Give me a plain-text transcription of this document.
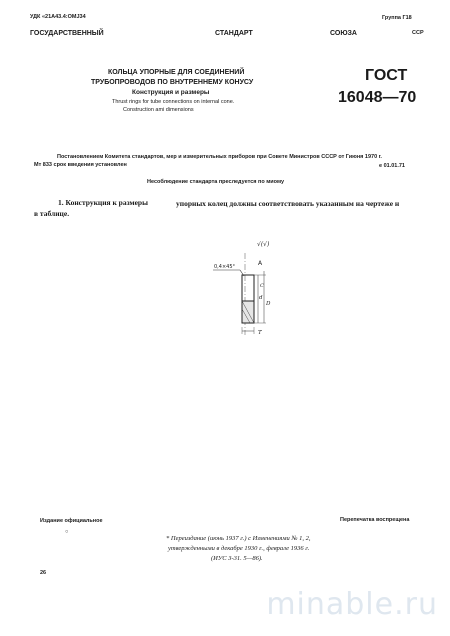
УДК «21А43.4:ОМЈ34	Группа Г18
ГОСУДАРСТВЕННЫЙ	СТАНДАРТ	СОЮЗА	ССР
КОЛЬЦА УПОРНЫЕ ДЛЯ СОЕДИНЕНИЙ
ТРУБОПРОВОДОВ ПО ВНУТРЕННЕМУ КОНУСУ
Конструкция и размеры
Thrust rings for tube connections on internal cone.
Construction ami dimensions
ГОСТ
16048—70
Постановлением Комитета стандартов, мер и измерительных приборов при Совете Министров СССР от Гиюня 1970 г.
Мт 833 срок введения установлен	е 01.01.71
Несоблюдение стандарта преследуется по миому
1. Конструкция к размеры	упорных колец должны соответствовать указанным на чертеже н
в таблице.
√(√)
0,4×45°	A
d
D
C
T
Издание официальное
○
Перепечатка воспрещена
* Переиздание (июнь 1937 г.) с Изменениями № 1, 2,
утвержденными в декабре 1930 г., феврале 1936 г.
(ИУС 3-31. 5—86).
26
minable.ru
